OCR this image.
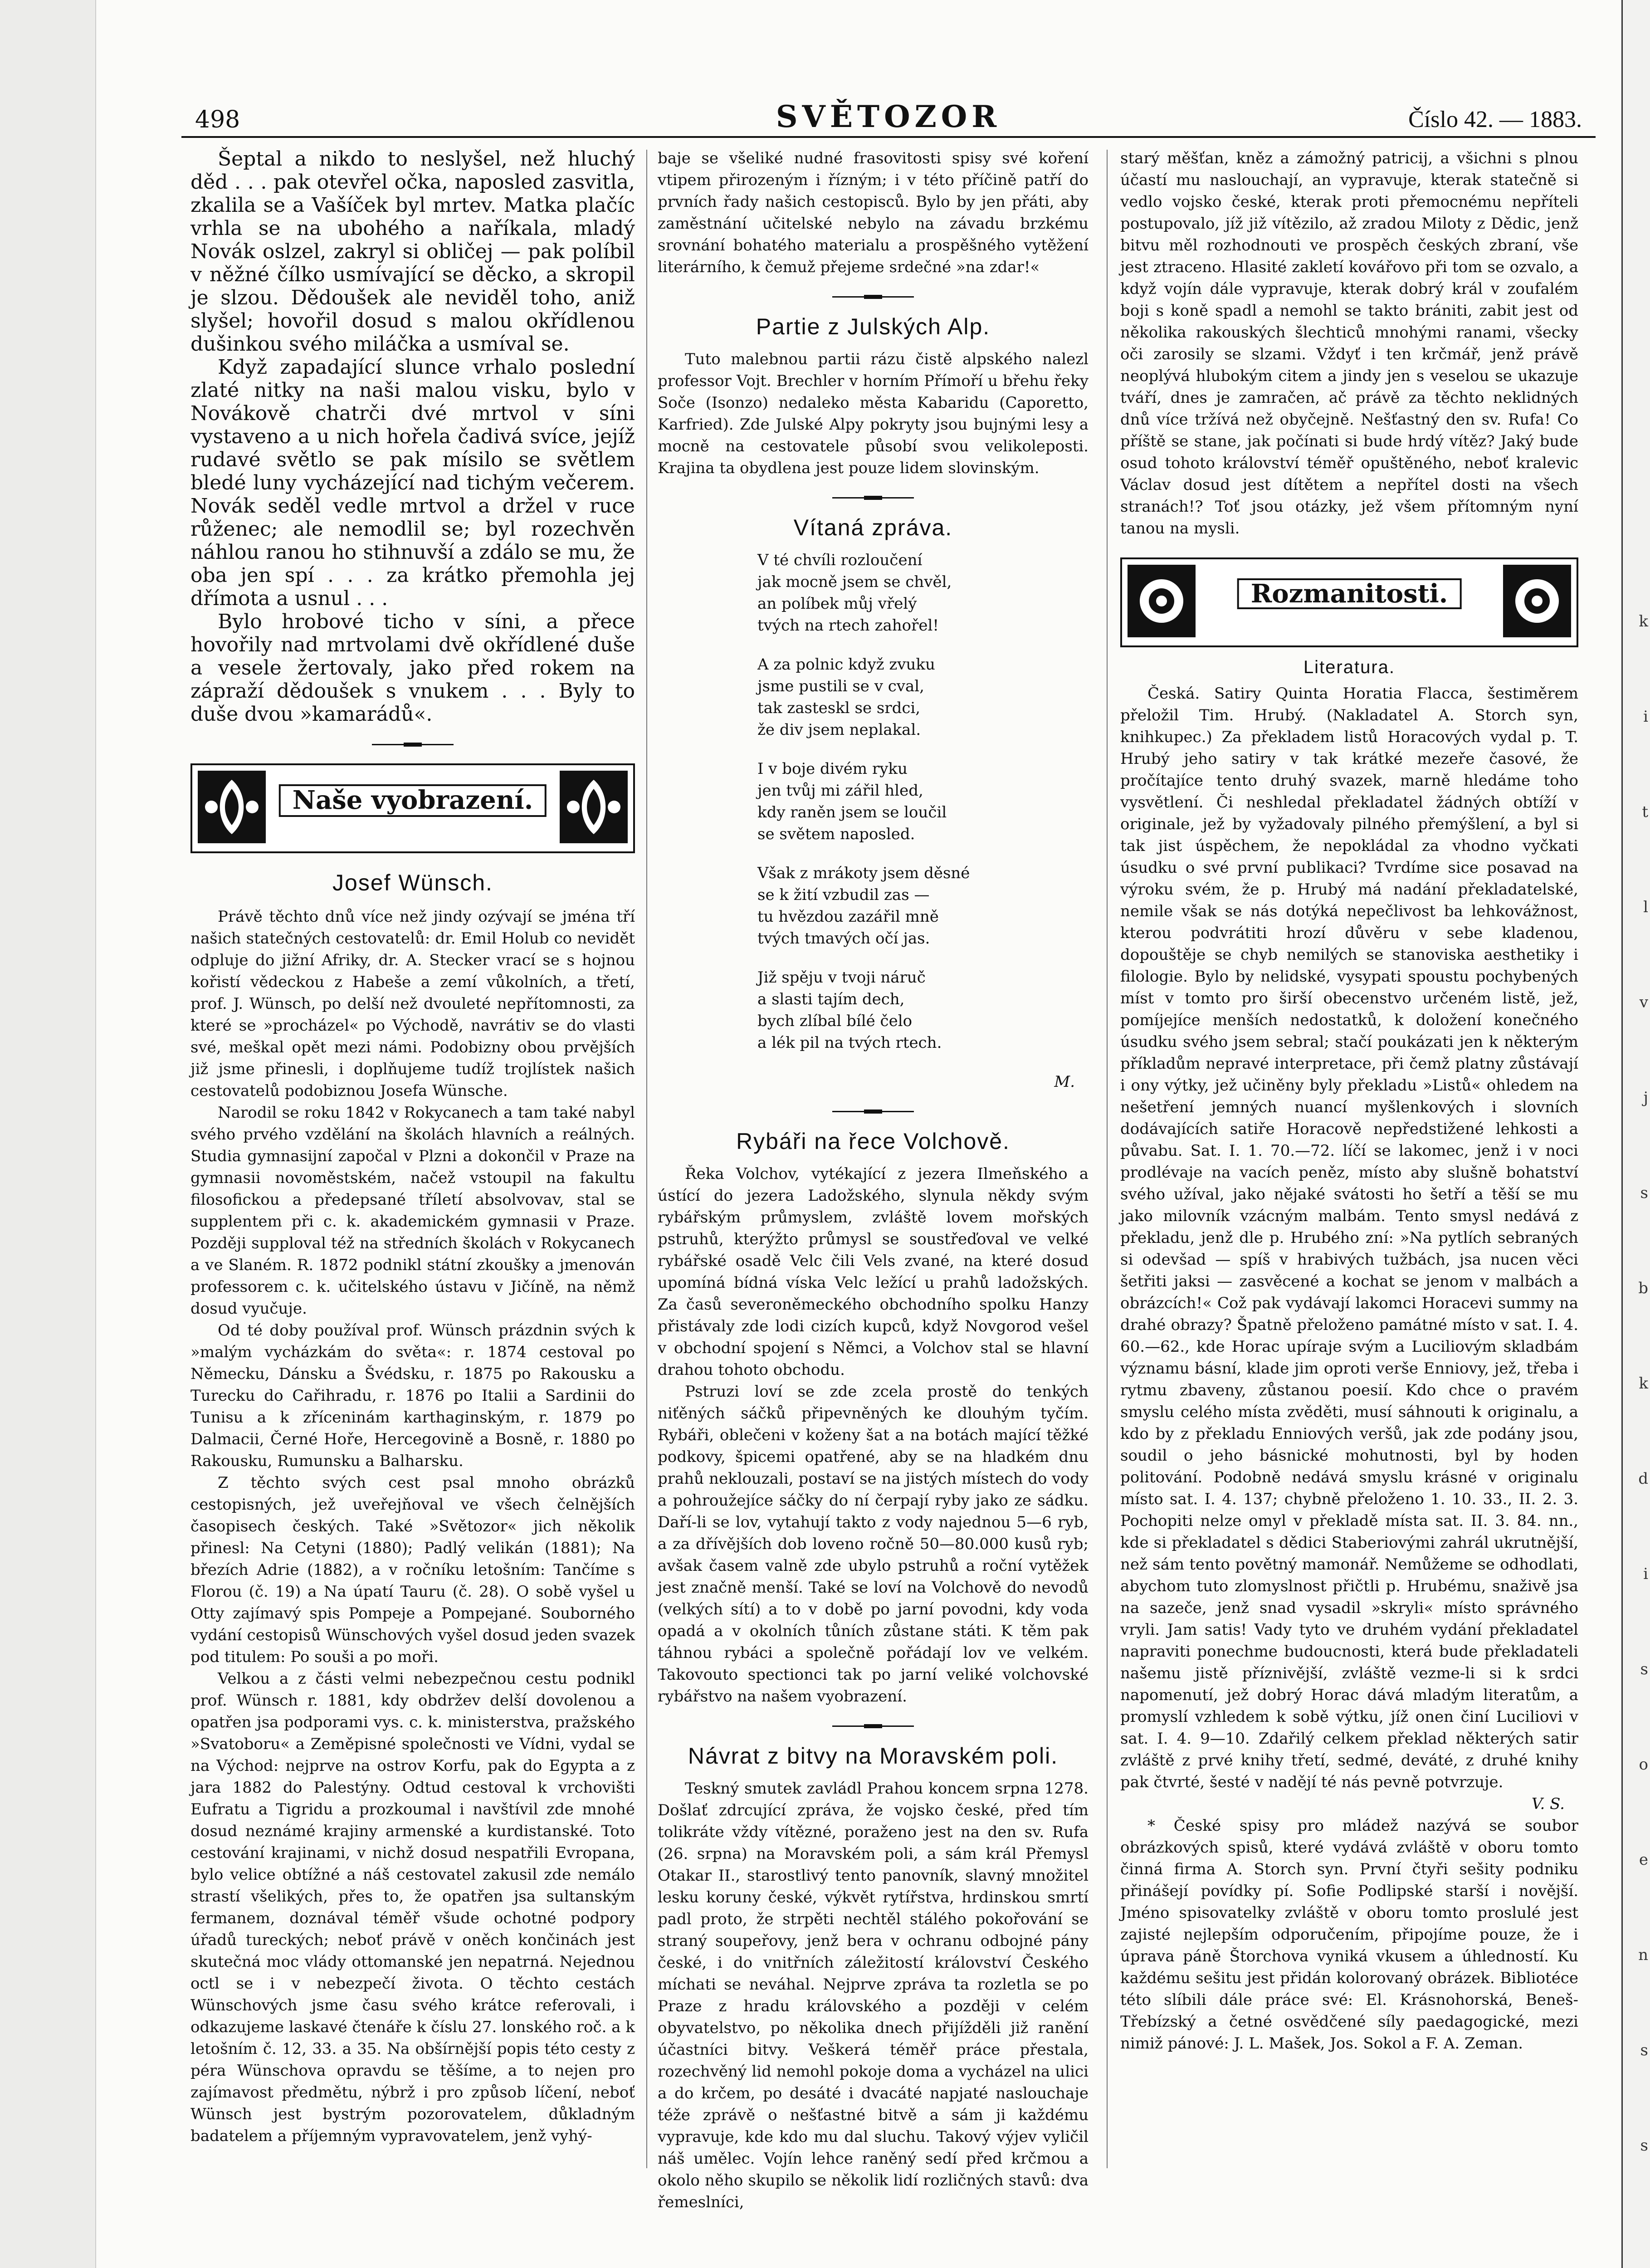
k
i
t
l
v
j
s
b
k
d
i
s
o
e
n
s
s
498	SVĚTOZOR	Číslo 42. — 1883.

Šeptal a nikdo to neslyšel, než hluchý děd . . . pak otevřel očka, naposled zasvitla, zkalila se a Vašíček byl mrtev. Matka plačíc vrhla se na ubohého a naříkala, mladý Novák oslzel, zakryl si obličej — pak políbil v něžné čílko usmívající se děcko, a skropil je slzou. Dědoušek ale neviděl toho, aniž slyšel; hovořil dosud s malou okřídlenou dušinkou svého miláčka a usmíval se.

Když zapadající slunce vrhalo poslední zlaté nitky na naši malou visku, bylo v Novákově chatrči dvé mrtvol v síni vystaveno a u nich hořela čadivá svíce, jejíž rudavé světlo se pak mísilo se světlem bledé luny vycházející nad tichým večerem. Novák seděl vedle mrtvol a držel v ruce růženec; ale nemodlil se; byl rozechvěn náhlou ranou ho stihnuvší a zdálo se mu, že oba jen spí . . . za krátko přemohla jej dřímota a usnul . . .

Bylo hrobové ticho v síni, a přece hovořily nad mrtvolami dvě okřídlené duše a vesele žertovaly, jako před rokem na zápraží dědoušek s vnukem . . . Byly to duše dvou »kamarádů«.

Naše vyobrazení.
Josef Wünsch.

Právě těchto dnů více než jindy ozývají se jména tří našich statečných cestovatelů: dr. Emil Holub co nevidět odpluje do jižní Afriky, dr. A. Stecker vrací se s hojnou kořistí vědeckou z Habeše a zemí vůkolních, a třetí, prof. J. Wünsch, po delší než dvouleté nepřítomnosti, za které se »procházel« po Východě, navrátiv se do vlasti své, meškal opět mezi námi. Podobizny obou prvějších již jsme přinesli, i doplňujeme tudíž trojlístek našich cestovatelů podobiznou Josefa Wünsche.

Narodil se roku 1842 v Rokycanech a tam také nabyl svého prvého vzdělání na školách hlavních a reálných. Studia gymnasijní započal v Plzni a dokončil v Praze na gymnasii novoměstském, načež vstoupil na fakultu filosofickou a předepsané tříletí absolvovav, stal se supplentem při c. k. akademickém gymnasii v Praze. Později supploval též na středních školách v Rokycanech a ve Slaném. R. 1872 podnikl státní zkoušky a jmenován professorem c. k. učitelského ústavu v Jičíně, na němž dosud vyučuje.

Od té doby používal prof. Wünsch prázdnin svých k »malým vycházkám do světa«: r. 1874 cestoval po Německu, Dánsku a Švédsku, r. 1875 po Rakousku a Turecku do Cařihradu, r. 1876 po Italii a Sardinii do Tunisu a k zříceninám karthaginským, r. 1879 po Dalmacii, Černé Hoře, Hercegovině a Bosně, r. 1880 po Rakousku, Rumunsku a Balharsku.

Z těchto svých cest psal mnoho obrázků cestopisných, jež uveřejňoval ve všech čelnějších časopisech českých. Také »Světozor« jich několik přinesl: Na Cetyni (1880); Padlý velikán (1881); Na březích Adrie (1882), a v ročníku letošním: Tančíme s Florou (č. 19) a Na úpatí Tauru (č. 28). O sobě vyšel u Otty zajímavý spis Pompeje a Pompejané. Souborného vydání cestopisů Wünschových vyšel dosud jeden svazek pod titulem: Po souši a po moři.

Velkou a z části velmi nebezpečnou cestu podnikl prof. Wünsch r. 1881, kdy obdržev delší dovolenou a opatřen jsa podporami vys. c. k. ministerstva, pražského »Svatoboru« a Zeměpisné společnosti ve Vídni, vydal se na Východ: nejprve na ostrov Korfu, pak do Egypta a z jara 1882 do Palestýny. Odtud cestoval k vrchovišti Eufratu a Tigridu a prozkoumal i navštívil zde mnohé dosud neznámé krajiny armenské a kurdistanské. Toto cestování krajinami, v nichž dosud nespatřili Evropana, bylo velice obtížné a náš cestovatel zakusil zde nemálo strastí všelikých, přes to, že opatřen jsa sultanským fermanem, doznával téměř všude ochotné podpory úřadů tureckých; neboť právě v oněch končinách jest skutečná moc vlády ottomanské jen nepatrná. Nejednou octl se i v nebezpečí života. O těchto cestách Wünschových jsme času svého krátce referovali, i odkazujeme laskavé čtenáře k číslu 27. lonského roč. a k letošním č. 12, 33. a 35. Na obšírnější popis této cesty z péra Wünschova opravdu se těšíme, a to nejen pro zajímavost předmětu, nýbrž i pro způsob líčení, neboť Wünsch jest bystrým pozorovatelem, důkladným badatelem a příjemným vypravovatelem, jenž vyhý-

baje se všeliké nudné frasovitosti spisy své koření vtipem přirozeným i řízným; i v této příčině patří do prvních řady našich cestopisců. Bylo by jen přáti, aby zaměstnání učitelské nebylo na závadu brzkému srovnání bohatého materialu a prospěšného vytěžení literárního, k čemuž přejeme srdečné »na zdar!«

Partie z Julských Alp.

Tuto malebnou partii rázu čistě alpského nalezl professor Vojt. Brechler v horním Přímoří u břehu řeky Soče (Isonzo) nedaleko města Kabaridu (Caporetto, Karfried). Zde Julské Alpy pokryty jsou bujnými lesy a mocně na cestovatele působí svou velikoleposti. Krajina ta obydlena jest pouze lidem slovinským.

Vítaná zpráva.
V té chvíli rozloučení
jak mocně jsem se chvěl,
an políbek můj vřelý
tvých na rtech zahořel!
A za polnic když zvuku
jsme pustili se v cval,
tak zasteskl se srdci,
že div jsem neplakal.
I v boje divém ryku
jen tvůj mi zářil hled,
kdy raněn jsem se loučil
se světem naposled.
Však z mrákoty jsem děsné
se k žití vzbudil zas —
tu hvězdou zazářil mně
tvých tmavých očí jas.
Již spěju v tvoji náruč
a slasti tajím dech,
bych zlíbal bílé čelo
a lék pil na tvých rtech.
M.
Rybáři na řece Volchově.

Řeka Volchov, vytékající z jezera Ilmeňského a ústící do jezera Ladožského, slynula někdy svým rybářským průmyslem, zvláště lovem mořských pstruhů, kterýžto průmysl se soustřeďoval ve velké rybářské osadě Velc čili Vels zvané, na které dosud upomíná bídná víska Velc ležící u prahů ladožských. Za časů severoněmeckého obchodního spolku Hanzy přistávaly zde lodi cizích kupců, když Novgorod vešel v obchodní spojení s Němci, a Volchov stal se hlavní drahou tohoto obchodu.

Pstruzi loví se zde zcela prostě do tenkých niťěných sáčků připevněných ke dlouhým tyčím. Rybáři, oblečeni v koženy šat a na botách mající těžké podkovy, špicemi opatřené, aby se na hladkém dnu prahů neklouzali, postaví se na jistých místech do vody a pohroužejíce sáčky do ní čerpají ryby jako ze sádku. Daří-li se lov, vytahují takto z vody najednou 5—6 ryb, a za dřívějších dob loveno ročně 50—80.000 kusů ryb; avšak časem valně zde ubylo pstruhů a roční vytěžek jest značně menší. Také se loví na Volchově do nevodů (velkých sítí) a to v době po jarní povodni, kdy voda opadá a v okolních tůních zůstane státi. K těm pak táhnou rybáci a společně pořádají lov ve velkém. Takovouto spectionci tak po jarní veliké volchovské rybářstvo na našem vyobrazení.

Návrat z bitvy na Moravském poli.

Teskný smutek zavládl Prahou koncem srpna 1278. Došlať zdrcující zpráva, že vojsko české, před tím tolikráte vždy vítězné, poraženo jest na den sv. Rufa (26. srpna) na Moravském poli, a sám král Přemysl Otakar II., starostlivý tento panovník, slavný množitel lesku koruny české, výkvět rytířstva, hrdinskou smrtí padl proto, že strpěti nechtěl stálého pokořování se straný soupeřovy, jenž bera v ochranu odbojné pány české, i do vnitřních záležitostí království Českého míchati se neváhal. Nejprve zpráva ta rozletla se po Praze z hradu královského a později v celém obyvatelstvo, po několika dnech přijížděli již ranění účastníci bitvy. Veškerá téměř práce přestala, rozechvěný lid nemohl pokoje doma a vycházel na ulici a do krčem, po desáté i dvacáté napjaté naslouchaje téže zprávě o nešťastné bitvě a sám ji každému vypravuje, kde kdo mu dal sluchu. Takový výjev vyličil náš umělec. Vojín lehce raněný sedí před krčmou a okolo něho skupilo se několik lidí rozličných stavů: dva řemeslníci,

starý měšťan, kněz a zámožný patricij, a všichni s plnou účastí mu naslouchají, an vypravuje, kterak statečně si vedlo vojsko české, kterak proti přemocnému nepříteli postupovalo, jíž již vítězilo, až zradou Miloty z Dědic, jenž bitvu měl rozhodnouti ve prospěch českých zbraní, vše jest ztraceno. Hlasité zakletí kovářovo při tom se ozvalo, a když vojín dále vypravuje, kterak dobrý král v zoufalém boji s koně spadl a nemohl se takto brániti, zabit jest od několika rakouských šlechticů mnohými ranami, všecky oči zarosily se slzami. Vždyť i ten krčmář, jenž právě neoplývá hlubokým citem a jindy jen s veselou se ukazuje tváří, dnes je zamračen, ač právě za těchto neklidných dnů více tržívá než obyčejně. Nešťastný den sv. Rufa! Co příště se stane, jak počínati si bude hrdý vítěz? Jaký bude osud tohoto království téměř opuštěného, neboť kralevic Václav dosud jest dítětem a nepřítel dosti na všech stranách!? Toť jsou otázky, jež všem přítomným nyní tanou na mysli.

Rozmanitosti.
Literatura.

Česká. Satiry Quinta Horatia Flacca, šestiměrem přeložil Tim. Hrubý. (Nakladatel A. Storch syn, knihkupec.) Za překladem listů Horacových vydal p. T. Hrubý jeho satiry v tak krátké mezeře časové, že pročítajíce tento druhý svazek, marně hledáme toho vysvětlení. Či neshledal překladatel žádných obtíží v originale, jež by vyžadovaly pilného přemýšlení, a byl si tak jist úspěchem, že nepokládal za vhodno vyčkati úsudku o své první publikaci? Tvrdíme sice posavad na výroku svém, že p. Hrubý má nadání překladatelské, nemile však se nás dotýká nepečlivost ba lehkovážnost, kterou podvrátiti hrozí důvěru v sebe kladenou, dopouštěje se chyb nemilých se stanoviska aesthetiky i filologie. Bylo by nelidské, vysypati spoustu pochybených míst v tomto pro širší obecenstvo určeném listě, jež, pomíjejíce menších nedostatků, k doložení konečného úsudku svého jsem sebral; stačí poukázati jen k některým příkladům nepravé interpretace, při čemž platny zůstávají i ony výtky, jež učiněny byly překladu »Listů« ohledem na nešetření jemných nuancí myšlenkových i slovních dodávajících satiře Horacově nepředstižené lehkosti a půvabu. Sat. I. 1. 70.—72. líčí se lakomec, jenž i v noci prodlévaje na vacích peněz, místo aby slušně bohatství svého užíval, jako nějaké svátosti ho šetří a těší se mu jako milovník vzácným malbám. Tento smysl nedává z překladu, jenž dle p. Hrubého zní: »Na pytlích sebraných si odevšad — spíš v hrabivých tužbách, jsa nucen věci šetřiti jaksi — zasvěcené a kochat se jenom v malbách a obrázcích!« Což pak vydávají lakomci Horacevi summy na drahé obrazy? Špatně přeloženo památné místo v sat. I. 4. 60.—62., kde Horac upíraje svým a Luciliovým skladbám významu básní, klade jim oproti verše Enniovy, jež, třeba i rytmu zbaveny, zůstanou poesií. Kdo chce o pravém smyslu celého místa zvěděti, musí sáhnouti k originalu, a kdo by z překladu Enniových veršů, jak zde podány jsou, soudil o jeho básnické mohutnosti, byl by hoden politování. Podobně nedává smyslu krásné v originalu místo sat. I. 4. 137; chybně přeloženo 1. 10. 33., II. 2. 3. Pochopiti nelze omyl v překladě místa sat. II. 3. 84. nn., kde si překladatel s dědici Staberiovými zahrál ukrutnější, než sám tento povětný mamonář. Nemůžeme se odhodlati, abychom tuto zlomyslnost přičtli p. Hrubému, snaživě jsa na sazeče, jenž snad vysadil »skryli« místo správného vryli. Jam satis! Vady tyto ve druhém vydání překladatel napraviti ponechme budoucnosti, která bude překladateli našemu jistě příznivější, zvláště vezme-li si k srdci napomenutí, jež dobrý Horac dává mladým literatům, a promyslí vzhledem k sobě výtku, jíž onen činí Luciliovi v sat. I. 4. 9—10. Zdařilý celkem překlad některých satir zvláště z prvé knihy třetí, sedmé, deváté, z druhé knihy pak čtvrté, šesté v nadějí té nás pevně potvrzuje.

V. S.

* České spisy pro mládež nazývá se soubor obrázkových spisů, které vydává zvláště v oboru tomto činná firma A. Storch syn. První čtyři sešity podniku přinášejí povídky pí. Sofie Podlipské starší i novější. Jméno spisovatelky zvláště v oboru tomto proslulé jest zajisté nejlepším odporučením, připojíme pouze, že i úprava páně Štorchova vyniká vkusem a úhledností. Ku každému sešitu jest přidán kolorovaný obrázek. Bibliotéce této slíbili dále práce své: El. Krásnohorská, Beneš-Třebízský a četné osvědčené síly paedagogické, mezi nimiž pánové: J. L. Mašek, Jos. Sokol a F. A. Zeman.
